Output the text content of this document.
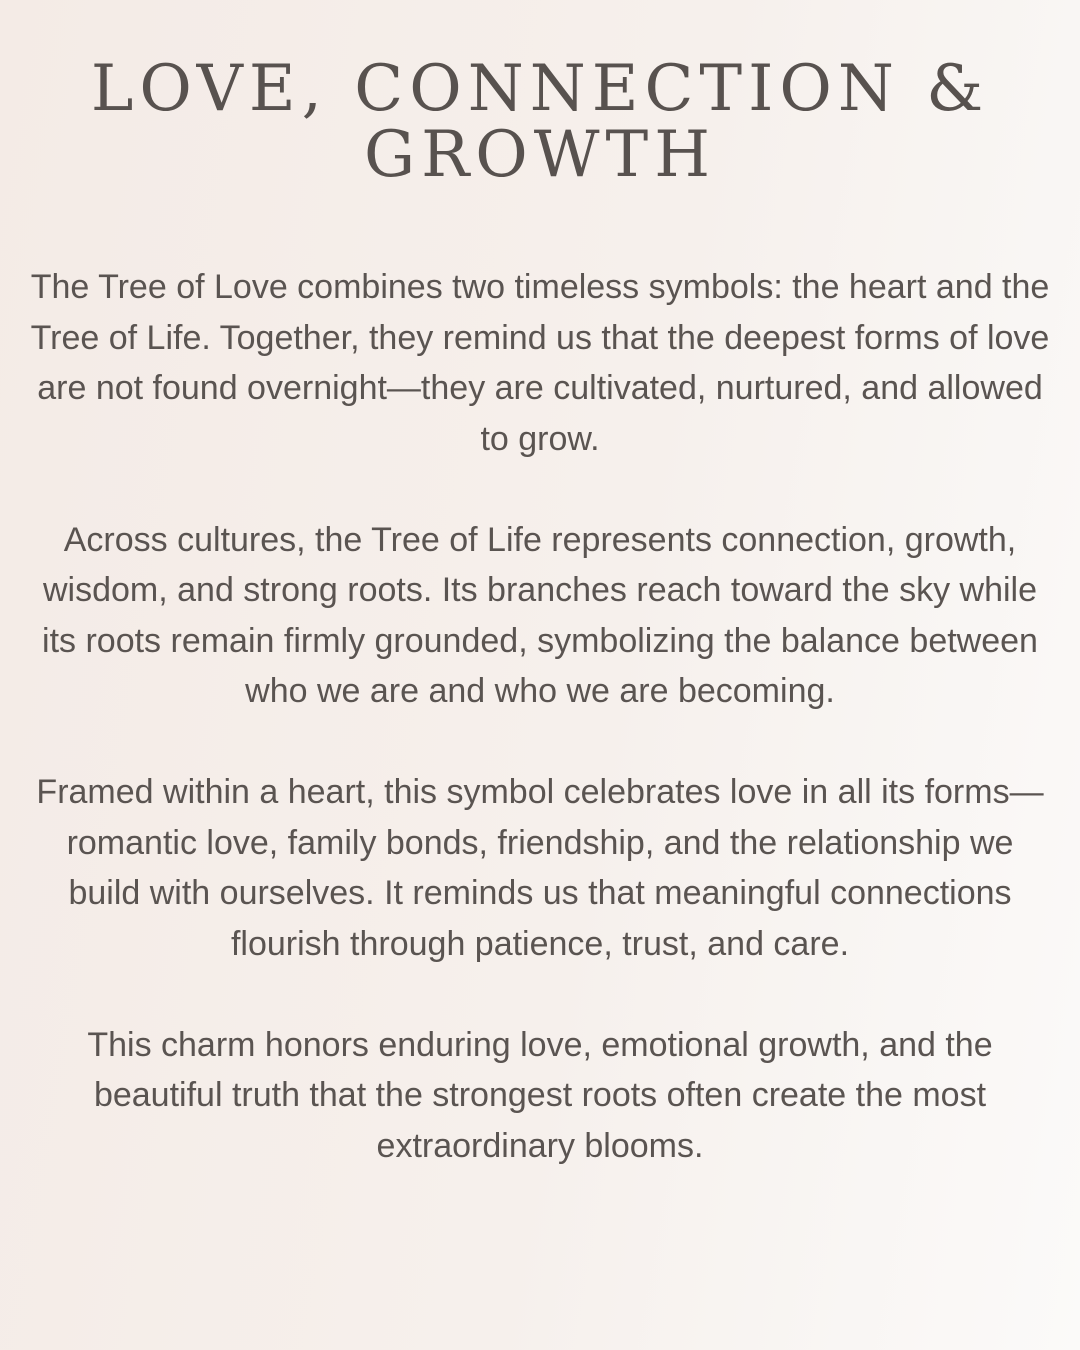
LOVE, CONNECTION &
GROWTH

The Tree of Love combines two timeless symbols: the heart and the Tree of Life. Together, they remind us that the deepest forms of love are not found overnight—they are cultivated, nurtured, and allowed to grow.

Across cultures, the Tree of Life represents connection, growth, wisdom, and strong roots. Its branches reach toward the sky while its roots remain firmly grounded, symbolizing the balance between who we are and who we are becoming.

Framed within a heart, this symbol celebrates love in all its forms—romantic love, family bonds, friendship, and the relationship we build with ourselves. It reminds us that meaningful connections flourish through patience, trust, and care.

This charm honors enduring love, emotional growth, and the beautiful truth that the strongest roots often create the most extraordinary blooms.
